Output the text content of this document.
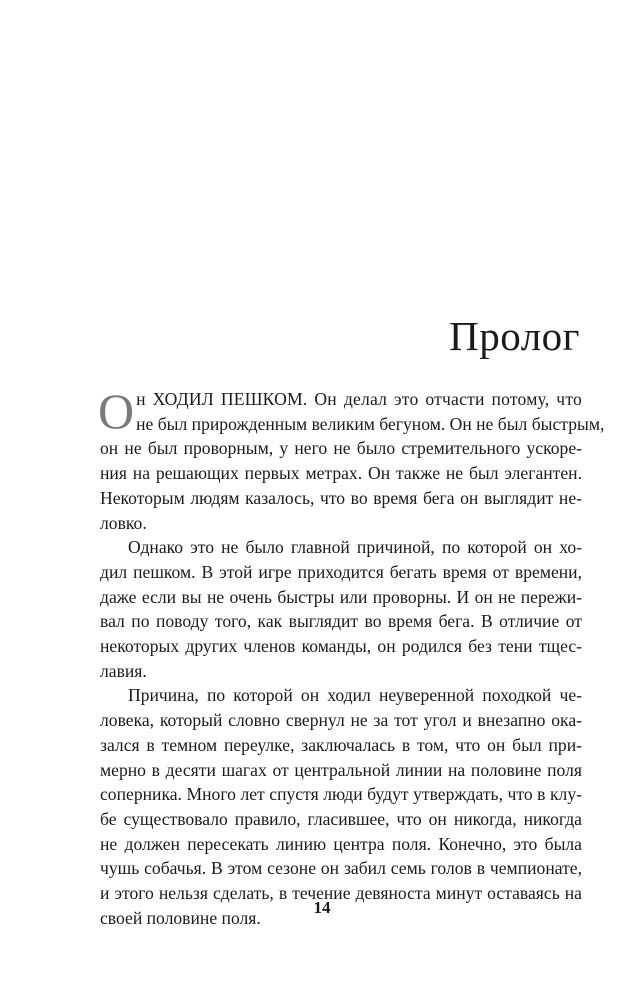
Пролог

О н ХОДИЛ ПЕШКОМ. Он делал это отчасти потому, что
не был прирожденным великим бегуном. Он не был быстрым,
он не был проворным, у него не было стремительного ускоре-
ния на решающих первых метрах. Он также не был элегантен.
Некоторым людям казалось, что во время бега он выглядит не-
ловко.

Однако это не было главной причиной, по которой он хо-
дил пешком. В этой игре приходится бегать время от времени,
даже если вы не очень быстры или проворны. И он не пережи-
вал по поводу того, как выглядит во время бега. В отличие от
некоторых других членов команды, он родился без тени тщес-
лавия.

Причина, по которой он ходил неуверенной походкой че-
ловека, который словно свернул не за тот угол и внезапно ока-
зался в темном переулке, заключалась в том, что он был при-
мерно в десяти шагах от центральной линии на половине поля
соперника. Много лет спустя люди будут утверждать, что в клу-
бе существовало правило, гласившее, что он никогда, никогда
не должен пересекать линию центра поля. Конечно, это была
чушь собачья. В этом сезоне он забил семь голов в чемпионате,
и этого нельзя сделать, в течение девяноста минут оставаясь на
своей половине поля.

14
